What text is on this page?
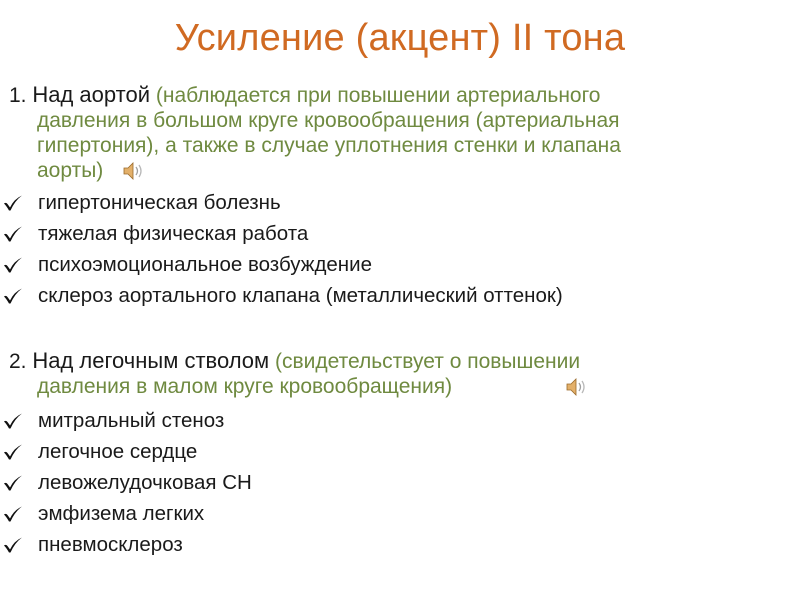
Усиление (акцент) II тона
1. Над аортой (наблюдается при повышении артериального
давления в большом круге кровообращения (артериальная
гипертония), а также в случае уплотнения стенки и клапана
аорты)
гипертоническая болезнь
тяжелая физическая работа
психоэмоциональное возбуждение
склероз аортального клапана (металлический оттенок)
2. Над легочным стволом (свидетельствует о повышении
давления в малом круге кровообращения)
митральный стеноз
легочное сердце
левожелудочковая СН
эмфизема легких
пневмосклероз
